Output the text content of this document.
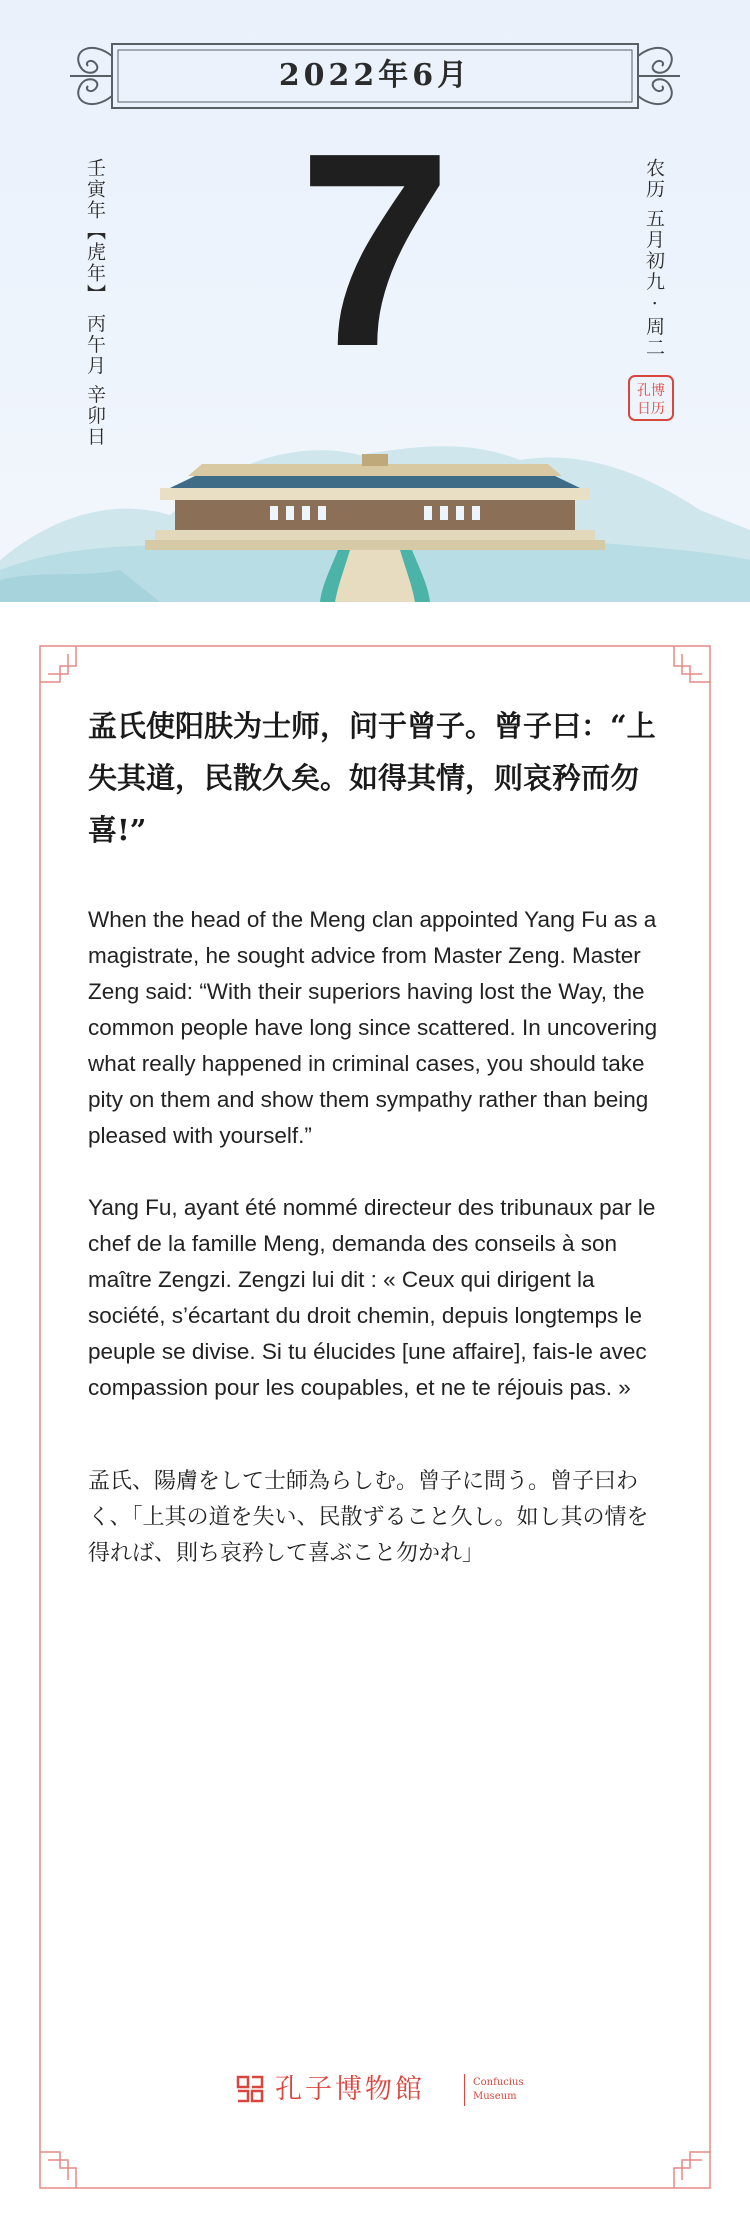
2022年6月
7
壬寅年【虎年】 丙午月 辛卯日	农历 五月初九 · 周二
孔博
日历

孟氏使阳肤为士师，问于曾子。曾子曰：“上失其道，民散久矣。如得其情，则哀矜而勿喜!”

When the head of the Meng clan appointed Yang Fu as a magistrate, he sought advice from Master Zeng. Master Zeng said: “With their superiors having lost the Way, the common people have long since scattered. In uncovering what really happened in criminal cases, you should take pity on them and show them sympathy rather than being pleased with yourself.”

Yang Fu, ayant été nommé directeur des tribunaux par le chef de la famille Meng, demanda des conseils à son maître Zengzi. Zengzi lui dit : « Ceux qui dirigent la société, s’écartant du droit chemin, depuis longtemps le peuple se divise. Si tu élucides [une affaire], fais-le avec compassion pour les coupables, et ne te réjouis pas. »

孟氏、陽膚をして士師為らしむ。曾子に問う。曾子曰わく、「上其の道を失い、民散ずること久し。如し其の情を得れば、則ち哀矜して喜ぶこと勿かれ」

孔子博物館	Confucius
Museum
